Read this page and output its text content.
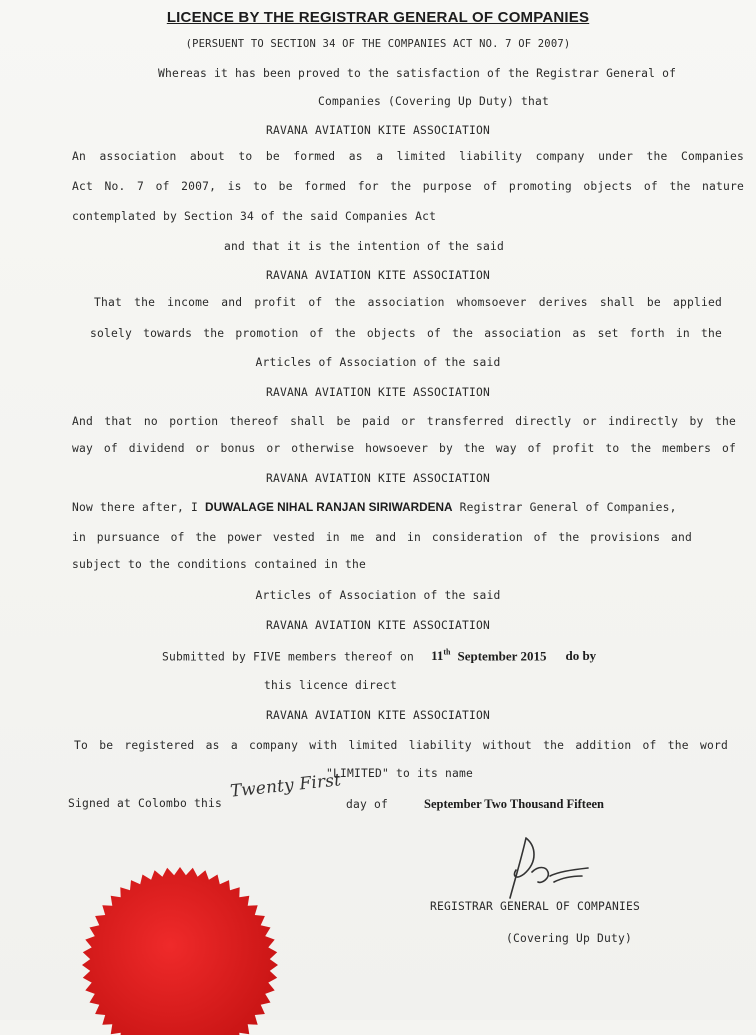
LICENCE BY THE REGISTRAR GENERAL OF COMPANIES
(PERSUENT TO SECTION 34 OF THE COMPANIES ACT NO. 7 OF 2007)
Whereas it has been proved to the satisfaction of the Registrar General of
Companies (Covering Up Duty) that
RAVANA AVIATION KITE ASSOCIATION
An association about to be formed as a limited liability company under the Companies
Act No. 7 of 2007, is to be formed for the purpose of promoting objects of the nature
contemplated by Section 34 of the said Companies Act
and that it is the intention of the said
RAVANA AVIATION KITE ASSOCIATION
That the income and profit of the association whomsoever derives shall be applied
solely towards the promotion of the objects of the association as set forth in the
Articles of Association of the said
RAVANA AVIATION KITE ASSOCIATION
And that no portion thereof shall be paid or transferred directly or indirectly by the
way of dividend or bonus or otherwise howsoever by the way of profit to the members of
RAVANA AVIATION KITE ASSOCIATION
Now there after, I DUWALAGE NIHAL RANJAN SIRIWARDENA Registrar General of Companies,
in pursuance of the power vested in me and in consideration of the provisions and
subject to the conditions contained in the
Articles of Association of the said
RAVANA AVIATION KITE ASSOCIATION
Submitted by FIVE members thereof on 11th September 2015 do by
this licence direct
RAVANA AVIATION KITE ASSOCIATION
To be registered as a company with limited liability without the addition of the word
"LIMITED" to its name
Signed at Colombo this
Twenty First
day of	September Two Thousand Fifteen
REGISTRAR GENERAL OF COMPANIES
(Covering Up Duty)
